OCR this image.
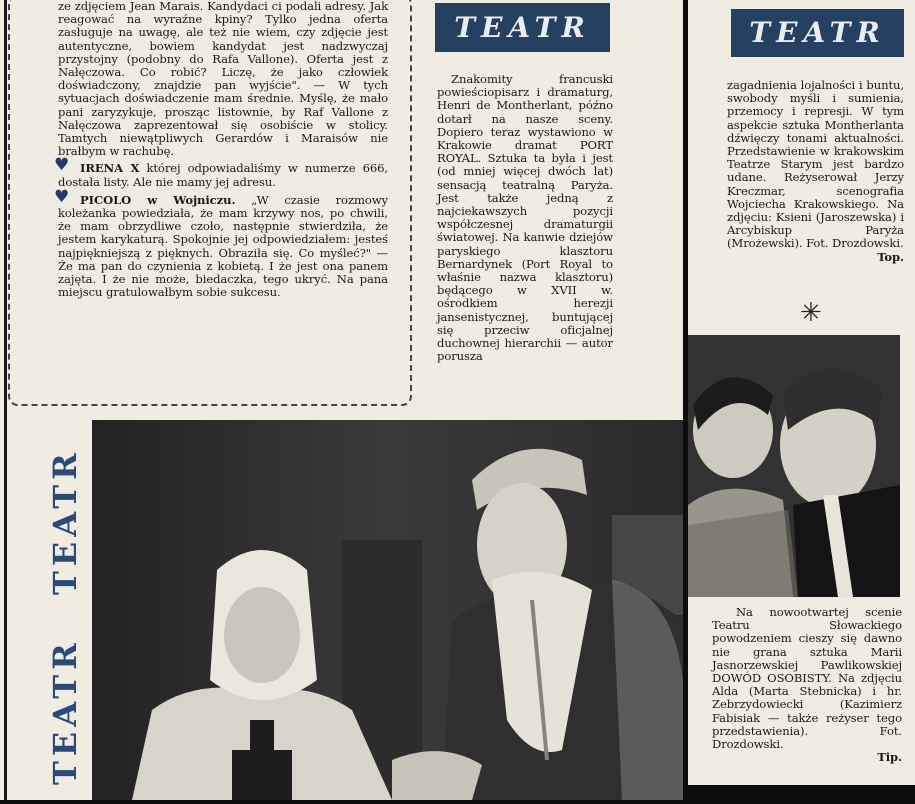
ze zdjęciem Jean Marais. Kandydaci ci podali adresy. Jak reagować na wyraźne kpiny? Tylko jedna oferta zasługuje na uwagę, ale też nie wiem, czy zdjęcie jest autentyczne, bowiem kandydat jest nadzwyczaj przystojny (podobny do Rafa Vallone). Oferta jest z Nałęczowa. Co robić? Liczę, że jako człowiek doświadczony, znajdzie pan wyjście". — W tych sytuacjach doświadczenie mam średnie. Myślę, że mało pani zaryzykuje, prosząc listownie, by Raf Vallone z Nałęczowa zaprezentował się osobiście w stolicy. Tamtych niewątpliwych Gerardów i Maraisów nie brałbym w rachubę.

♥ IRENA X której odpowiadaliśmy w numerze 666, dostała listy. Ale nie mamy jej adresu.

♥ PICOLO w Wojniczu. „W czasie rozmowy koleżanka powiedziała, że mam krzywy nos, po chwili, że mam obrzydliwe czoło, następnie stwierdziła, że jestem karykaturą. Spokojnie jej odpowiedziałem: jesteś najpiękniejszą z pięknych. Obraziła się. Co myśleć?" — Że ma pan do czynienia z kobietą. I że jest ona panem zajęta. I że nie może, biedaczka, tego ukryć. Na pana miejscu gratulowałbym sobie sukcesu.

TEATR	TEATR
TEATR
TEATR

Znakomity francuski powieściopisarz i dramaturg, Henri de Montherlant, późno dotarł na nasze sceny. Dopiero teraz wystawiono w Krakowie dramat PORT ROYAL. Sztuka ta była i jest (od mniej więcej dwóch lat) sensacją teatralną Paryża. Jest także jedną z najciekawszych pozycji współczesnej dramaturgii światowej. Na kanwie dziejów paryskiego klasztoru Bernardynek (Port Royal to właśnie nazwa klasztoru) będącego w XVII w. ośrodkiem herezji jansenistycznej, buntującej się przeciw oficjalnej duchownej hierarchii — autor porusza

zagadnienia lojalności i buntu, swobody myśli i sumienia, przemocy i represji. W tym aspekcie sztuka Montherlanta dźwięczy tonami aktualności. Przedstawienie w krakowskim Teatrze Starym jest bardzo udane. Reżyserował Jerzy Kreczmar, scenografia Wojciecha Krakowskiego. Na zdjęciu: Ksieni (Jaroszewska) i Arcybiskup Paryża (Mrożewski). Fot. Drozdowski.

Top.

✳

Na nowootwartej scenie Teatru Słowackiego powodzeniem cieszy się dawno nie grana sztuka Marii Jasnorzewskiej Pawlikowskiej DOWÓD OSOBISTY. Na zdjęciu Alda (Marta Stebnicka) i hr. Zebrzydowiecki (Kazimierz Fabisiak — także reżyser tego przedstawienia). Fot. Drozdowski.

Tip.
